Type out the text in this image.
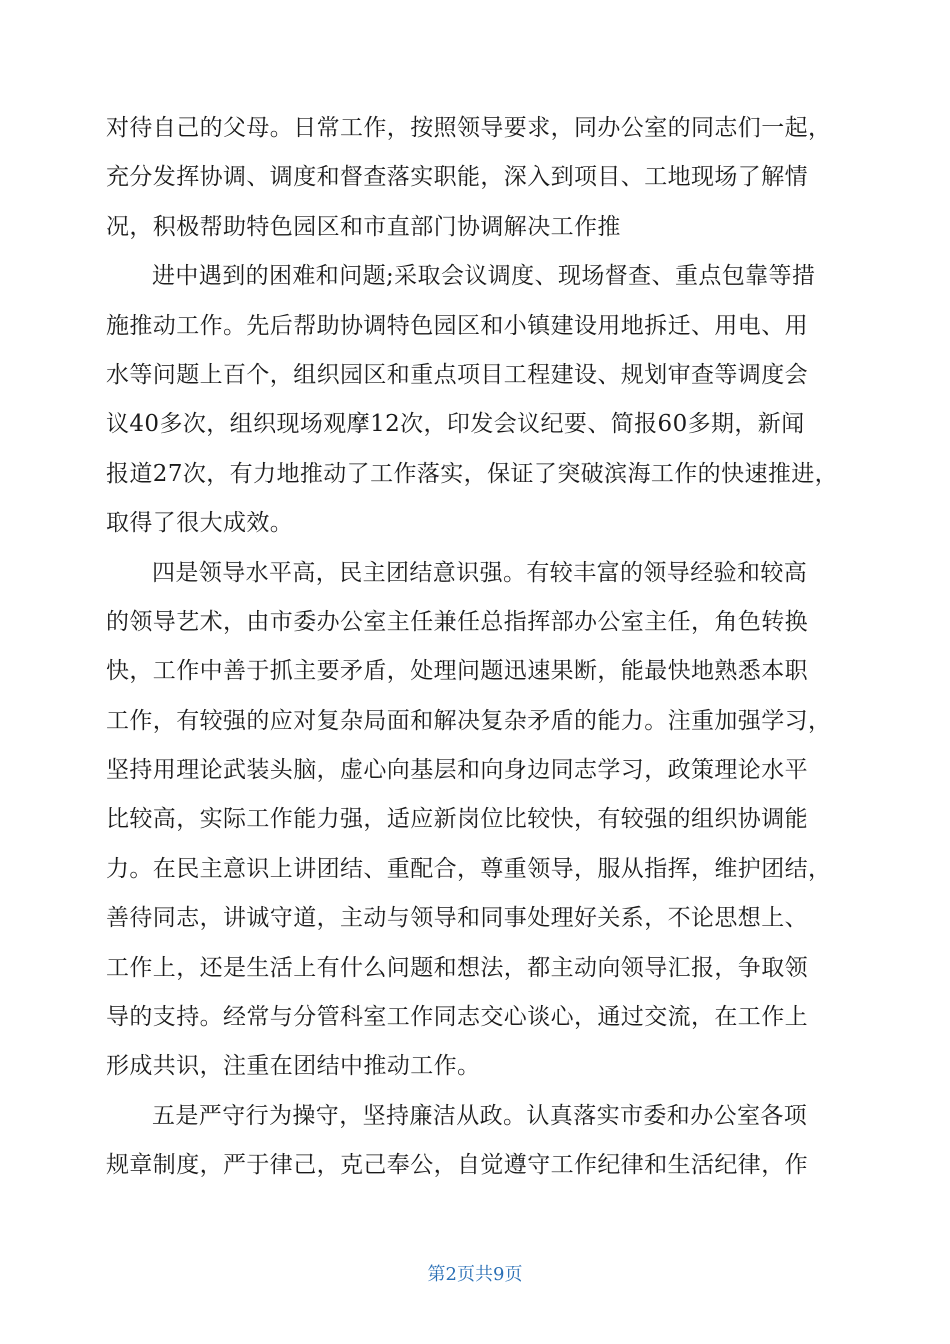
对待自己的父母。日常工作，按照领导要求，同办公室的同志们一起，
充分发挥协调、调度和督查落实职能，深入到项目、工地现场了解情
况，积极帮助特色园区和市直部门协调解决工作推
进中遇到的困难和问题;采取会议调度、现场督查、重点包靠等措
施推动工作。先后帮助协调特色园区和小镇建设用地拆迁、用电、用
水等问题上百个，组织园区和重点项目工程建设、规划审查等调度会
议40多次，组织现场观摩12次，印发会议纪要、简报60多期，新闻
报道27次，有力地推动了工作落实，保证了突破滨海工作的快速推进，
取得了很大成效。
四是领导水平高，民主团结意识强。有较丰富的领导经验和较高
的领导艺术，由市委办公室主任兼任总指挥部办公室主任，角色转换
快，工作中善于抓主要矛盾，处理问题迅速果断，能最快地熟悉本职
工作，有较强的应对复杂局面和解决复杂矛盾的能力。注重加强学习，
坚持用理论武装头脑，虚心向基层和向身边同志学习，政策理论水平
比较高，实际工作能力强，适应新岗位比较快，有较强的组织协调能
力。在民主意识上讲团结、重配合，尊重领导，服从指挥，维护团结，
善待同志，讲诚守道，主动与领导和同事处理好关系，不论思想上、
工作上，还是生活上有什么问题和想法，都主动向领导汇报，争取领
导的支持。经常与分管科室工作同志交心谈心，通过交流，在工作上
形成共识，注重在团结中推动工作。
五是严守行为操守，坚持廉洁从政。认真落实市委和办公室各项
规章制度，严于律己，克己奉公，自觉遵守工作纪律和生活纪律，作
第2页共9页
